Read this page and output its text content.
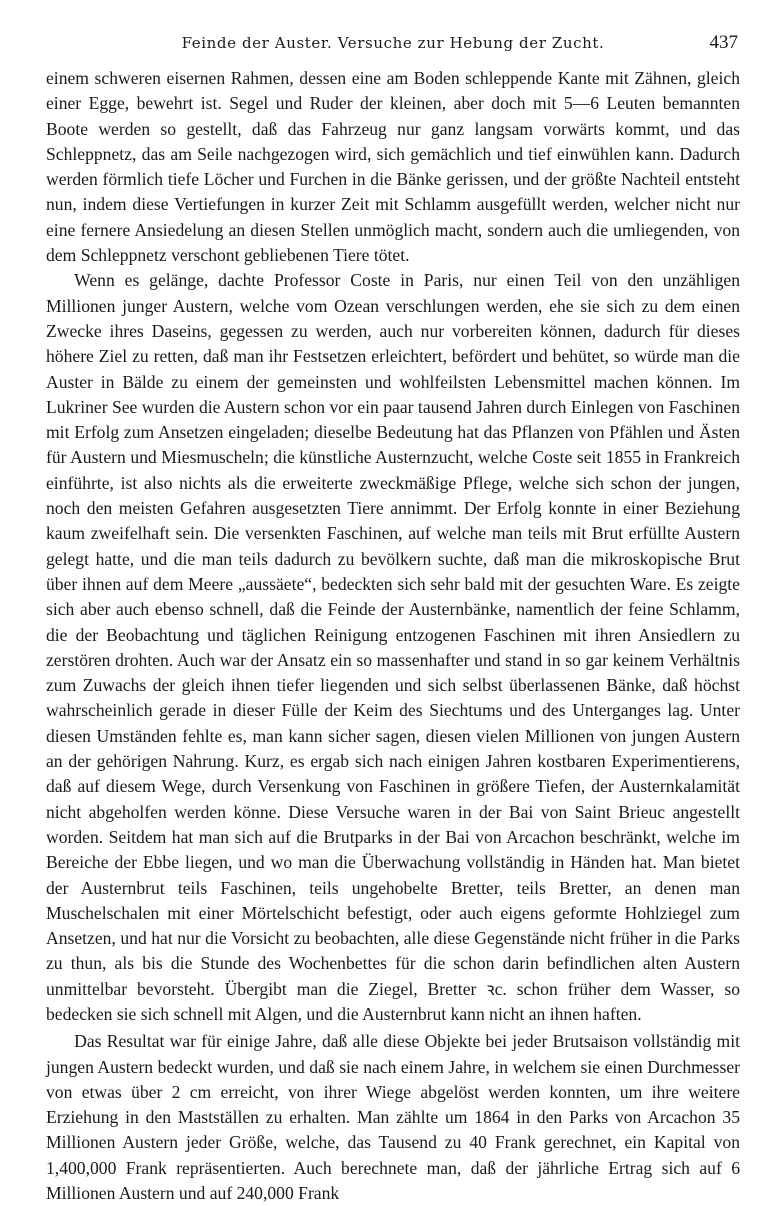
Feinde der Auster. Versuche zur Hebung der Zucht.	437

einem schweren eisernen Rahmen, dessen eine am Boden schleppende Kante mit Zähnen, gleich einer Egge, bewehrt ist. Segel und Ruder der kleinen, aber doch mit 5—6 Leuten bemannten Boote werden so gestellt, daß das Fahrzeug nur ganz langsam vorwärts kommt, und das Schleppnetz, das am Seile nachgezogen wird, sich gemächlich und tief einwühlen kann. Dadurch werden förmlich tiefe Löcher und Furchen in die Bänke gerissen, und der größte Nachteil entsteht nun, indem diese Vertiefungen in kurzer Zeit mit Schlamm ausgefüllt werden, welcher nicht nur eine fernere Ansiedelung an diesen Stellen unmöglich macht, sondern auch die umliegenden, von dem Schleppnetz verschont gebliebenen Tiere tötet.

Wenn es gelänge, dachte Professor Coste in Paris, nur einen Teil von den unzähligen Millionen junger Austern, welche vom Ozean verschlungen werden, ehe sie sich zu dem einen Zwecke ihres Daseins, gegessen zu werden, auch nur vorbereiten können, dadurch für dieses höhere Ziel zu retten, daß man ihr Festsetzen erleichtert, befördert und behütet, so würde man die Auster in Bälde zu einem der gemeinsten und wohlfeilsten Lebensmittel machen können. Im Lukriner See wurden die Austern schon vor ein paar tausend Jahren durch Einlegen von Faschinen mit Erfolg zum Ansetzen eingeladen; dieselbe Bedeutung hat das Pflanzen von Pfählen und Ästen für Austern und Miesmuscheln; die künstliche Austernzucht, welche Coste seit 1855 in Frankreich einführte, ist also nichts als die erweiterte zweckmäßige Pflege, welche sich schon der jungen, noch den meisten Gefahren ausgesetzten Tiere annimmt. Der Erfolg konnte in einer Beziehung kaum zweifelhaft sein. Die versenkten Faschinen, auf welche man teils mit Brut erfüllte Austern gelegt hatte, und die man teils dadurch zu bevölkern suchte, daß man die mikroskopische Brut über ihnen auf dem Meere „aussäete“, bedeckten sich sehr bald mit der gesuchten Ware. Es zeigte sich aber auch ebenso schnell, daß die Feinde der Austernbänke, namentlich der feine Schlamm, die der Beobachtung und täglichen Reinigung entzogenen Faschinen mit ihren Ansiedlern zu zerstören drohten. Auch war der Ansatz ein so massenhafter und stand in so gar keinem Verhältnis zum Zuwachs der gleich ihnen tiefer liegenden und sich selbst überlassenen Bänke, daß höchst wahrscheinlich gerade in dieser Fülle der Keim des Siechtums und des Unterganges lag. Unter diesen Umständen fehlte es, man kann sicher sagen, diesen vielen Millionen von jungen Austern an der gehörigen Nahrung. Kurz, es ergab sich nach einigen Jahren kostbaren Experimentierens, daß auf diesem Wege, durch Versenkung von Faschinen in größere Tiefen, der Austernkalamität nicht abgeholfen werden könne. Diese Versuche waren in der Bai von Saint Brieuc angestellt worden. Seitdem hat man sich auf die Brutparks in der Bai von Arcachon beschränkt, welche im Bereiche der Ebbe liegen, und wo man die Überwachung vollständig in Händen hat. Man bietet der Austernbrut teils Faschinen, teils ungehobelte Bretter, teils Bretter, an denen man Muschelschalen mit einer Mörtelschicht befestigt, oder auch eigens geformte Hohlziegel zum Ansetzen, und hat nur die Vorsicht zu beobachten, alle diese Gegenstände nicht früher in die Parks zu thun, als bis die Stunde des Wochenbettes für die schon darin befindlichen alten Austern unmittelbar bevorsteht. Übergibt man die Ziegel, Bretter ꝛc. schon früher dem Wasser, so bedecken sie sich schnell mit Algen, und die Austernbrut kann nicht an ihnen haften.

Das Resultat war für einige Jahre, daß alle diese Objekte bei jeder Brutsaison vollständig mit jungen Austern bedeckt wurden, und daß sie nach einem Jahre, in welchem sie einen Durchmesser von etwas über 2 cm erreicht, von ihrer Wiege abgelöst werden konnten, um ihre weitere Erziehung in den Mastställen zu erhalten. Man zählte um 1864 in den Parks von Arcachon 35 Millionen Austern jeder Größe, welche, das Tausend zu 40 Frank gerechnet, ein Kapital von 1,400,000 Frank repräsentierten. Auch berechnete man, daß der jährliche Ertrag sich auf 6 Millionen Austern und auf 240,000 Frank
